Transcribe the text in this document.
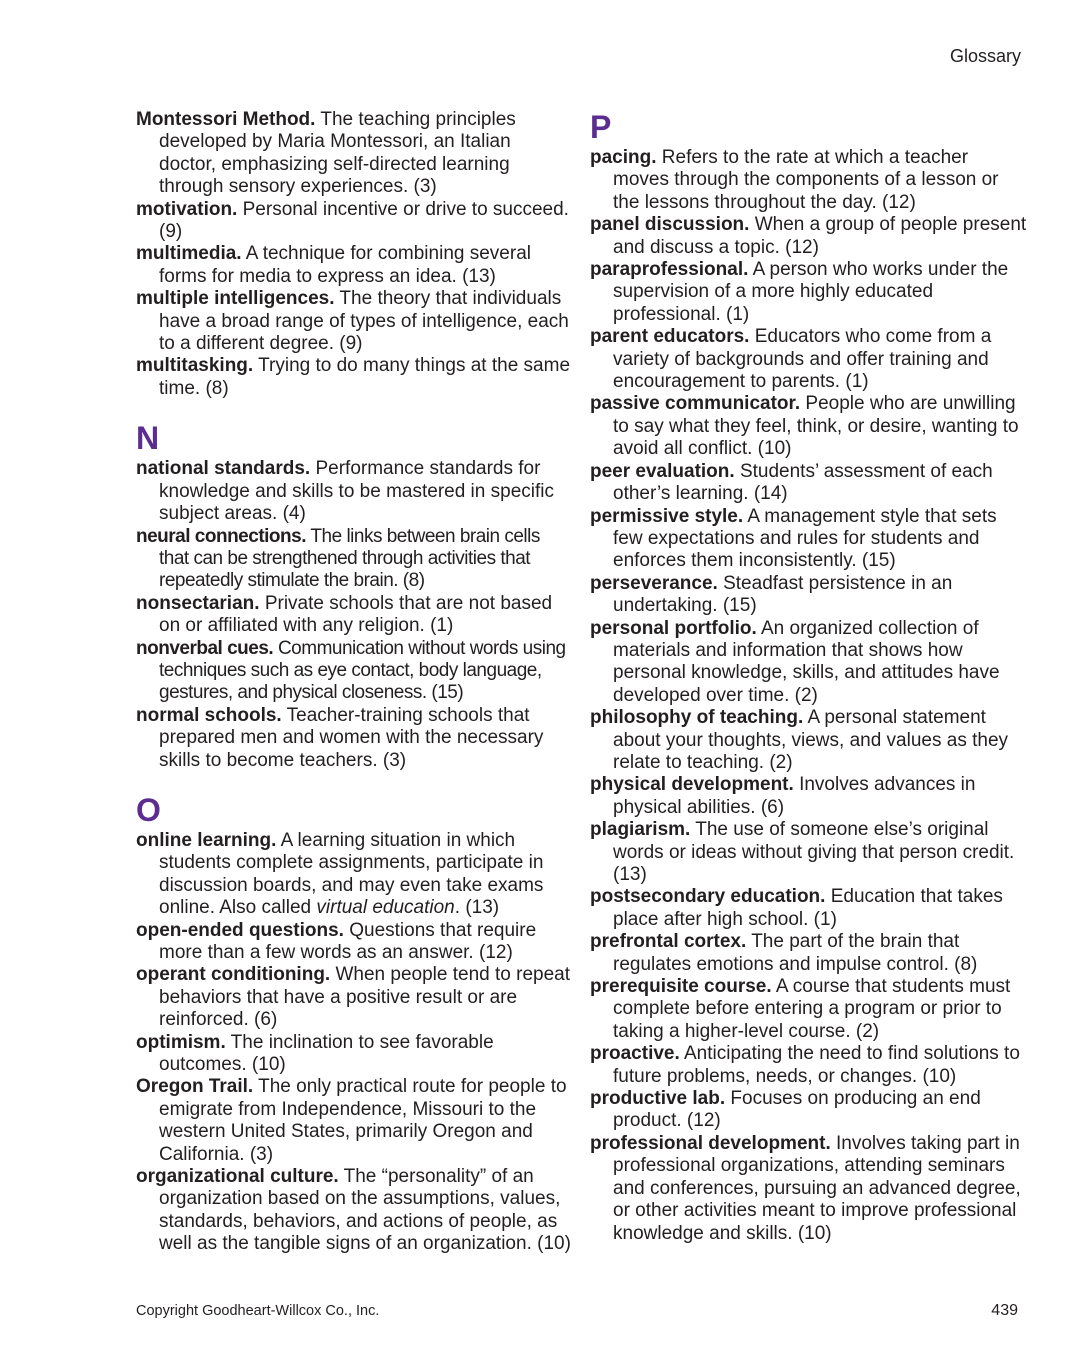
Glossary

Montessori Method. The teaching principles developed by Maria Montessori, an Italian doctor, emphasizing self-directed learning through sensory experiences. (3)

motivation. Personal incentive or drive to succeed. (9)

multimedia. A technique for combining several forms for media to express an idea. (13)

multiple intelligences. The theory that individuals have a broad range of types of intelligence, each to a different degree. (9)

multitasking. Trying to do many things at the same time. (8)

N

national standards. Performance standards for knowledge and skills to be mastered in specific subject areas. (4)

neural connections. The links between brain cells that can be strengthened through activities that repeatedly stimulate the brain. (8)

nonsectarian. Private schools that are not based on or affiliated with any religion. (1)

nonverbal cues. Communication without words using techniques such as eye contact, body language, gestures, and physical closeness. (15)

normal schools. Teacher-training schools that prepared men and women with the necessary skills to become teachers. (3)

O

online learning. A learning situation in which students complete assignments, participate in discussion boards, and may even take exams online. Also called virtual education. (13)

open-ended questions. Questions that require more than a few words as an answer. (12)

operant conditioning. When people tend to repeat behaviors that have a positive result or are reinforced. (6)

optimism. The inclination to see favorable outcomes. (10)

Oregon Trail. The only practical route for people to emigrate from Independence, Missouri to the western United States, primarily Oregon and California. (3)

organizational culture. The “personality” of an organization based on the assumptions, values, standards, behaviors, and actions of people, as well as the tangible signs of an organization. (10)

P

pacing. Refers to the rate at which a teacher moves through the components of a lesson or the lessons throughout the day. (12)

panel discussion. When a group of people present and discuss a topic. (12)

paraprofessional. A person who works under the supervision of a more highly educated professional. (1)

parent educators. Educators who come from a variety of backgrounds and offer training and encouragement to parents. (1)

passive communicator. People who are unwilling to say what they feel, think, or desire, wanting to avoid all conflict. (10)

peer evaluation. Students’ assessment of each other’s learning. (14)

permissive style. A management style that sets few expectations and rules for students and enforces them inconsistently. (15)

perseverance. Steadfast persistence in an undertaking. (15)

personal portfolio. An organized collection of materials and information that shows how personal knowledge, skills, and attitudes have developed over time. (2)

philosophy of teaching. A personal statement about your thoughts, views, and values as they relate to teaching. (2)

physical development. Involves advances in physical abilities. (6)

plagiarism. The use of someone else’s original words or ideas without giving that person credit. (13)

postsecondary education. Education that takes place after high school. (1)

prefrontal cortex. The part of the brain that regulates emotions and impulse control. (8)

prerequisite course. A course that students must complete before entering a program or prior to taking a higher-level course. (2)

proactive. Anticipating the need to find solutions to future problems, needs, or changes. (10)

productive lab. Focuses on producing an end product. (12)

professional development. Involves taking part in professional organizations, attending seminars and conferences, pursuing an advanced degree, or other activities meant to improve professional knowledge and skills. (10)

Copyright Goodheart-Willcox Co., Inc.	439
